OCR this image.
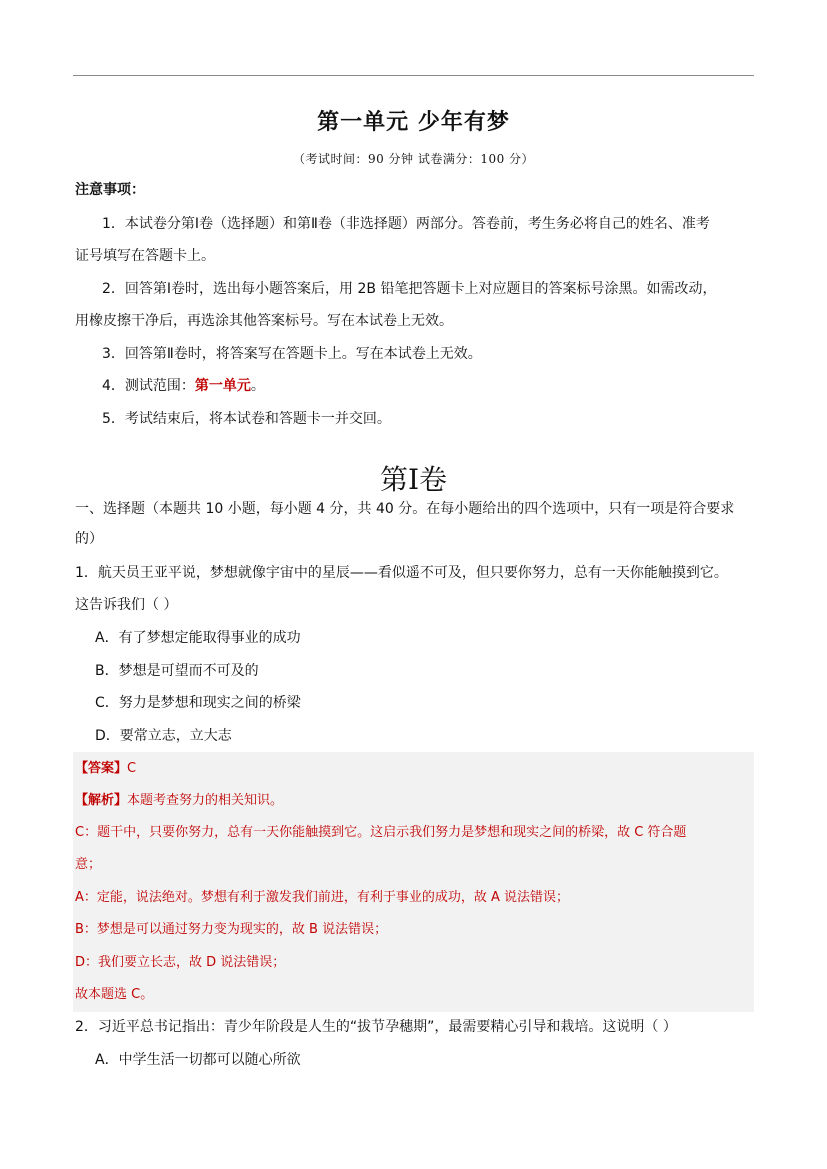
第一单元 少年有梦
（考试时间：90 分钟 试卷满分：100 分）
注意事项：
1．本试卷分第Ⅰ卷（选择题）和第Ⅱ卷（非选择题）两部分。答卷前，考生务必将自己的姓名、准考
证号填写在答题卡上。
2．回答第Ⅰ卷时，选出每小题答案后，用 2B 铅笔把答题卡上对应题目的答案标号涂黑。如需改动，
用橡皮擦干净后，再选涂其他答案标号。写在本试卷上无效。
3．回答第Ⅱ卷时，将答案写在答题卡上。写在本试卷上无效。
4．测试范围：第一单元。
5．考试结束后，将本试卷和答题卡一并交回。
第Ⅰ卷
一、选择题（本题共 10 小题，每小题 4 分，共 40 分。在每小题给出的四个选项中，只有一项是符合要求
的）
1．航天员王亚平说，梦想就像宇宙中的星辰——看似遥不可及，但只要你努力，总有一天你能触摸到它。
这告诉我们（ ）
A．有了梦想定能取得事业的成功
B．梦想是可望而不可及的
C．努力是梦想和现实之间的桥梁
D．要常立志，立大志
【答案】C
【解析】本题考查努力的相关知识。
C：题干中，只要你努力，总有一天你能触摸到它。这启示我们努力是梦想和现实之间的桥梁，故 C 符合题
意；
A：定能，说法绝对。梦想有利于激发我们前进，有利于事业的成功，故 A 说法错误；
B：梦想是可以通过努力变为现实的，故 B 说法错误；
D：我们要立长志，故 D 说法错误；
故本题选 C。
2．习近平总书记指出：青少年阶段是人生的“拔节孕穗期”，最需要精心引导和栽培。这说明（ ）
A．中学生活一切都可以随心所欲
